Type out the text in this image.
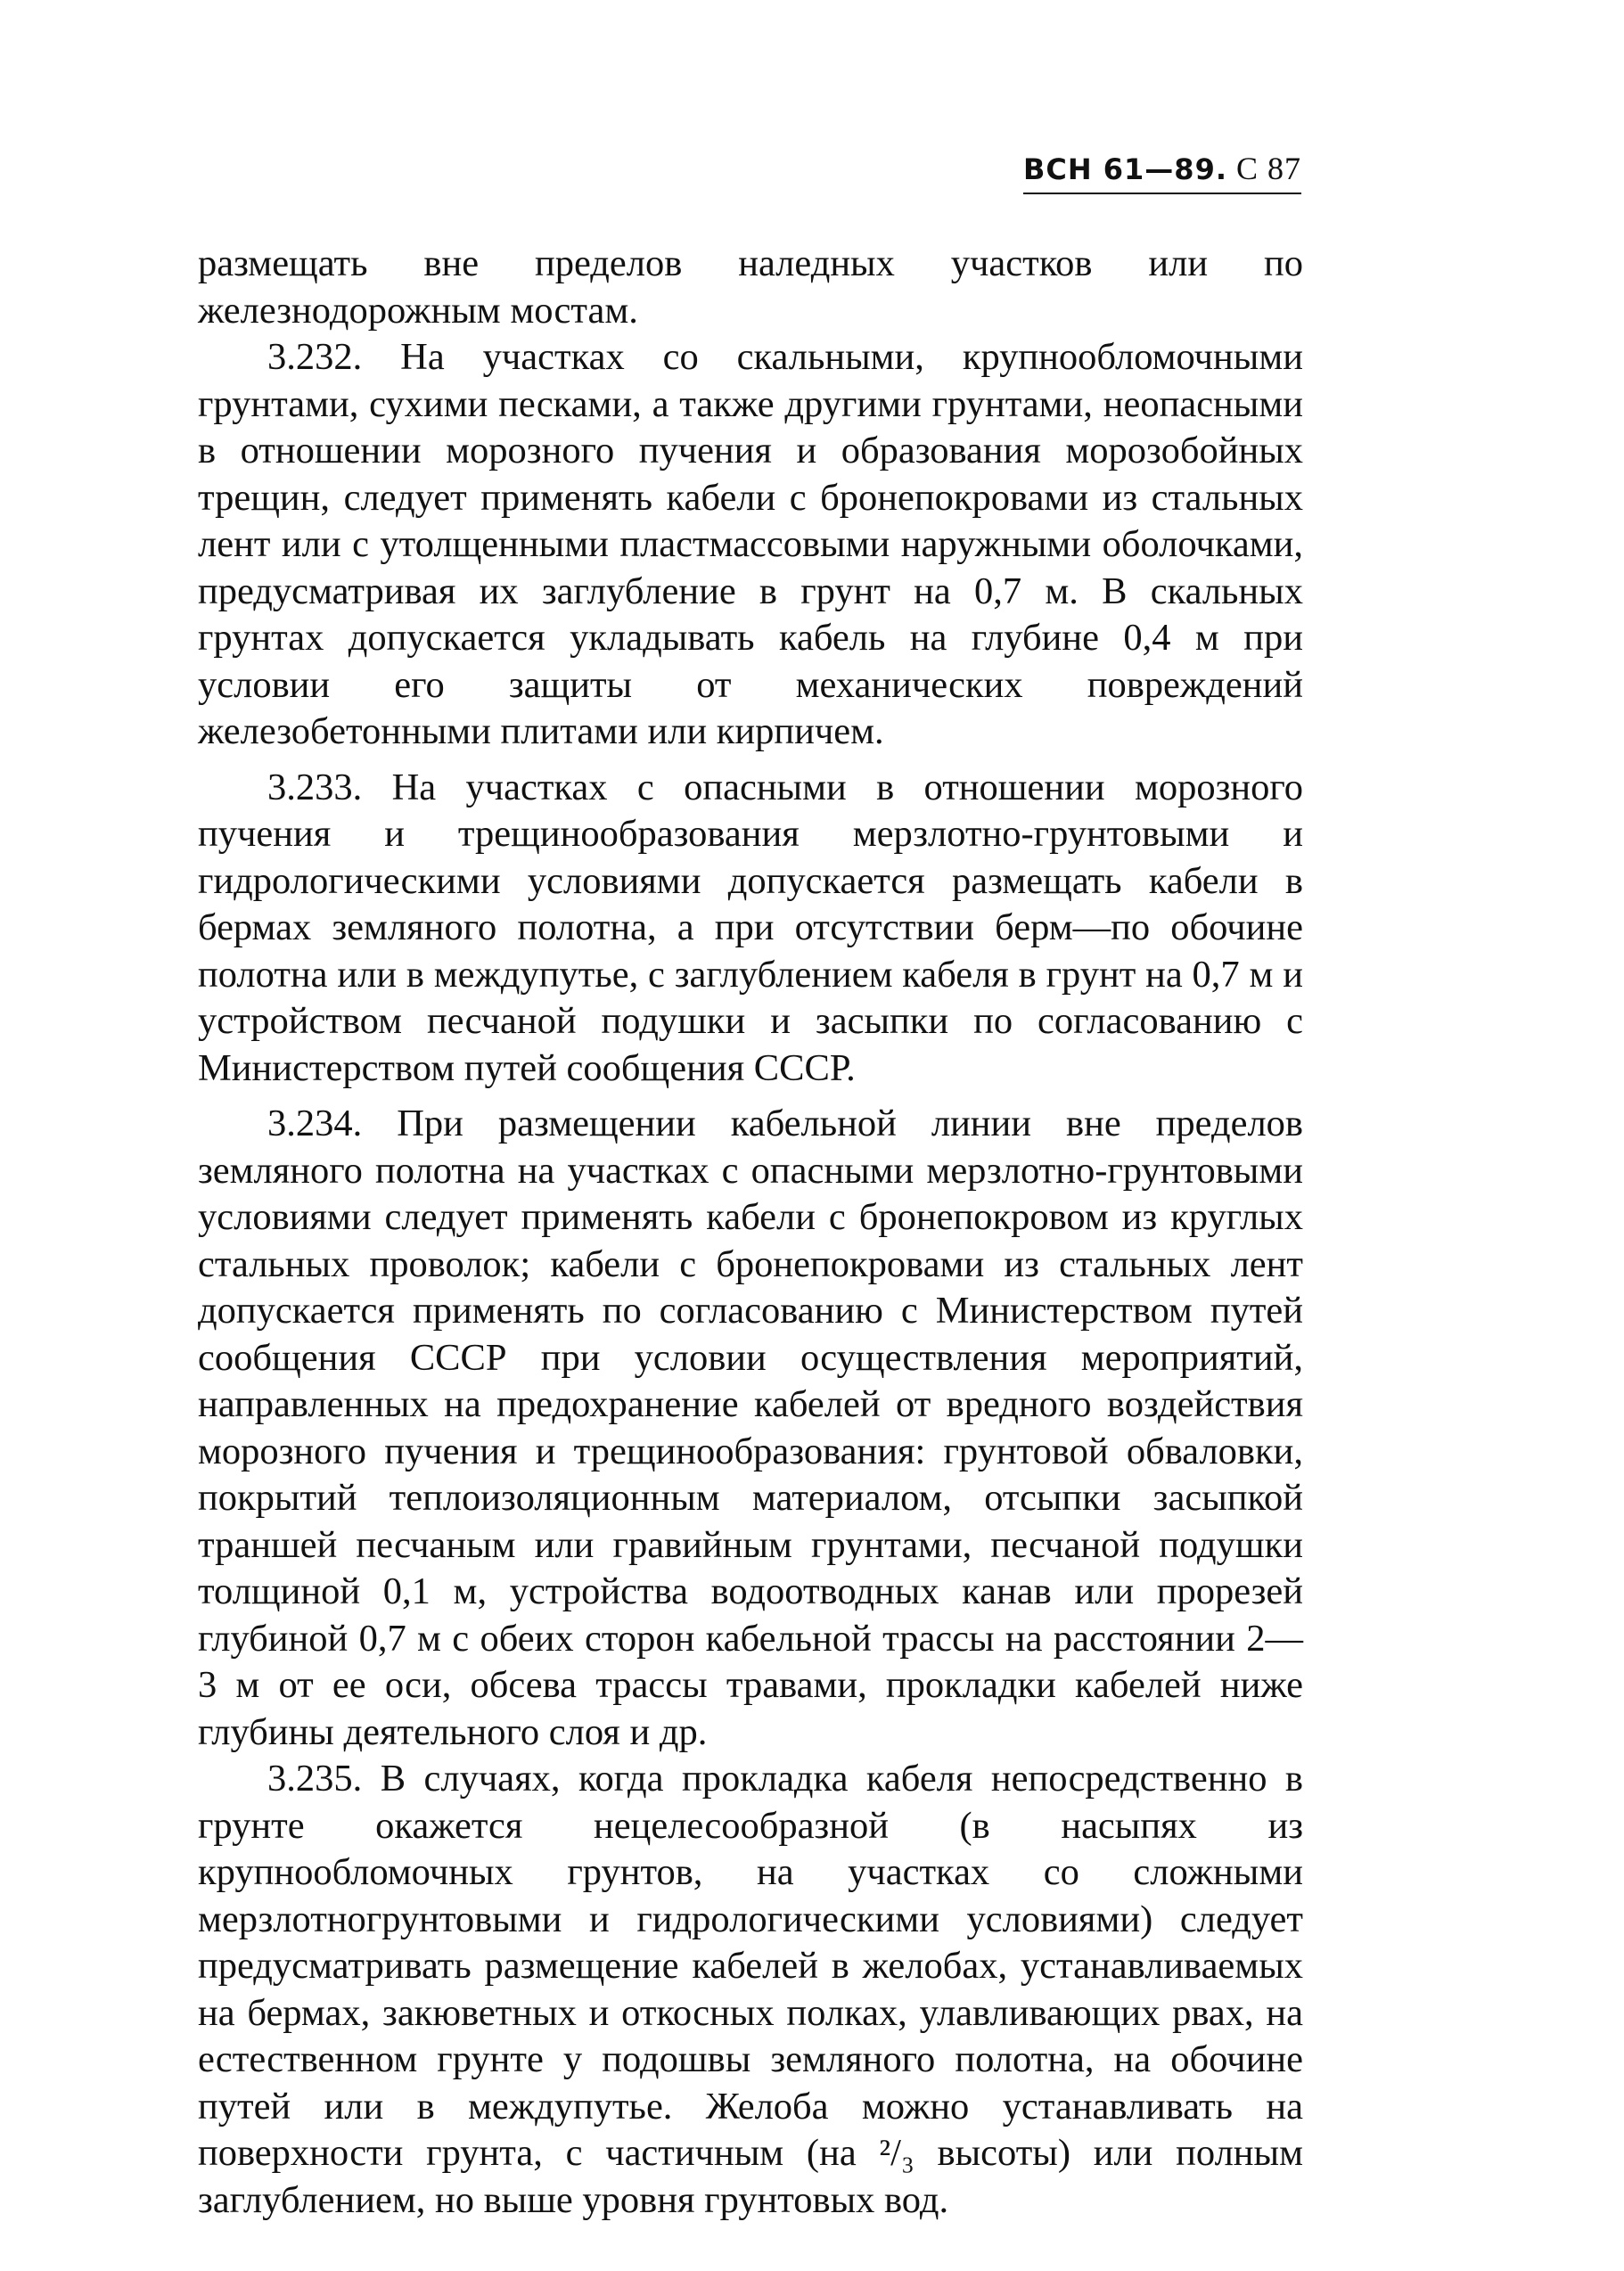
ВСН 61—89. С 87

размещать вне пределов наледных участков или по железнодорожным мостам.

3.232. На участках со скальными, крупнообломочными грунтами, сухими песками, а также другими грунтами, неопасными в отношении морозного пучения и образования морозобойных трещин, следует применять кабели с бронепокровами из стальных лент или с утолщенными пластмассовыми наружными оболочками, предусматривая их заглубление в грунт на 0,7 м. В скальных грунтах допускается укладывать кабель на глубине 0,4 м при условии его защиты от механических повреждений железобетонными плитами или кирпичем.

3.233. На участках с опасными в отношении морозного пучения и трещинообразования мерзлотно-грунтовыми и гидрологическими условиями допускается размещать кабели в бермах земляного полотна, а при отсутствии берм—по обочине полотна или в междупутье, с заглублением кабеля в грунт на 0,7 м и устройством песчаной подушки и засыпки по согласованию с Министерством путей сообщения СССР.

3.234. При размещении кабельной линии вне пределов земляного полотна на участках с опасными мерзлотно-грунтовыми условиями следует применять кабели с бронепокровом из круглых стальных проволок; кабели с бронепокровами из стальных лент допускается применять по согласованию с Министерством путей сообщения СССР при условии осуществления мероприятий, направленных на предохранение кабелей от вредного воздействия морозного пучения и трещинообразования: грунтовой обваловки, покрытий теплоизоляционным материалом, отсыпки засыпкой траншей песчаным или гравийным грунтами, песчаной подушки толщиной 0,1 м, устройства водоотводных канав или прорезей глубиной 0,7 м с обеих сторон кабельной трассы на расстоянии 2—3 м от ее оси, обсева трассы травами, прокладки кабелей ниже глубины деятельного слоя и др.

3.235. В случаях, когда прокладка кабеля непосредственно в грунте окажется нецелесообразной (в насыпях из крупнообломочных грунтов, на участках со сложными мерзлотногрунтовыми и гидрологическими условиями) следует предусматривать размещение кабелей в желобах, устанавливаемых на бермах, закюветных и откосных полках, улавливающих рвах, на естественном грунте у подошвы земляного полотна, на обочине путей или в междупутье. Желоба можно устанавливать на поверхности грунта, с частичным (на ²/₃ высоты) или полным заглублением, но выше уровня грунтовых вод.
